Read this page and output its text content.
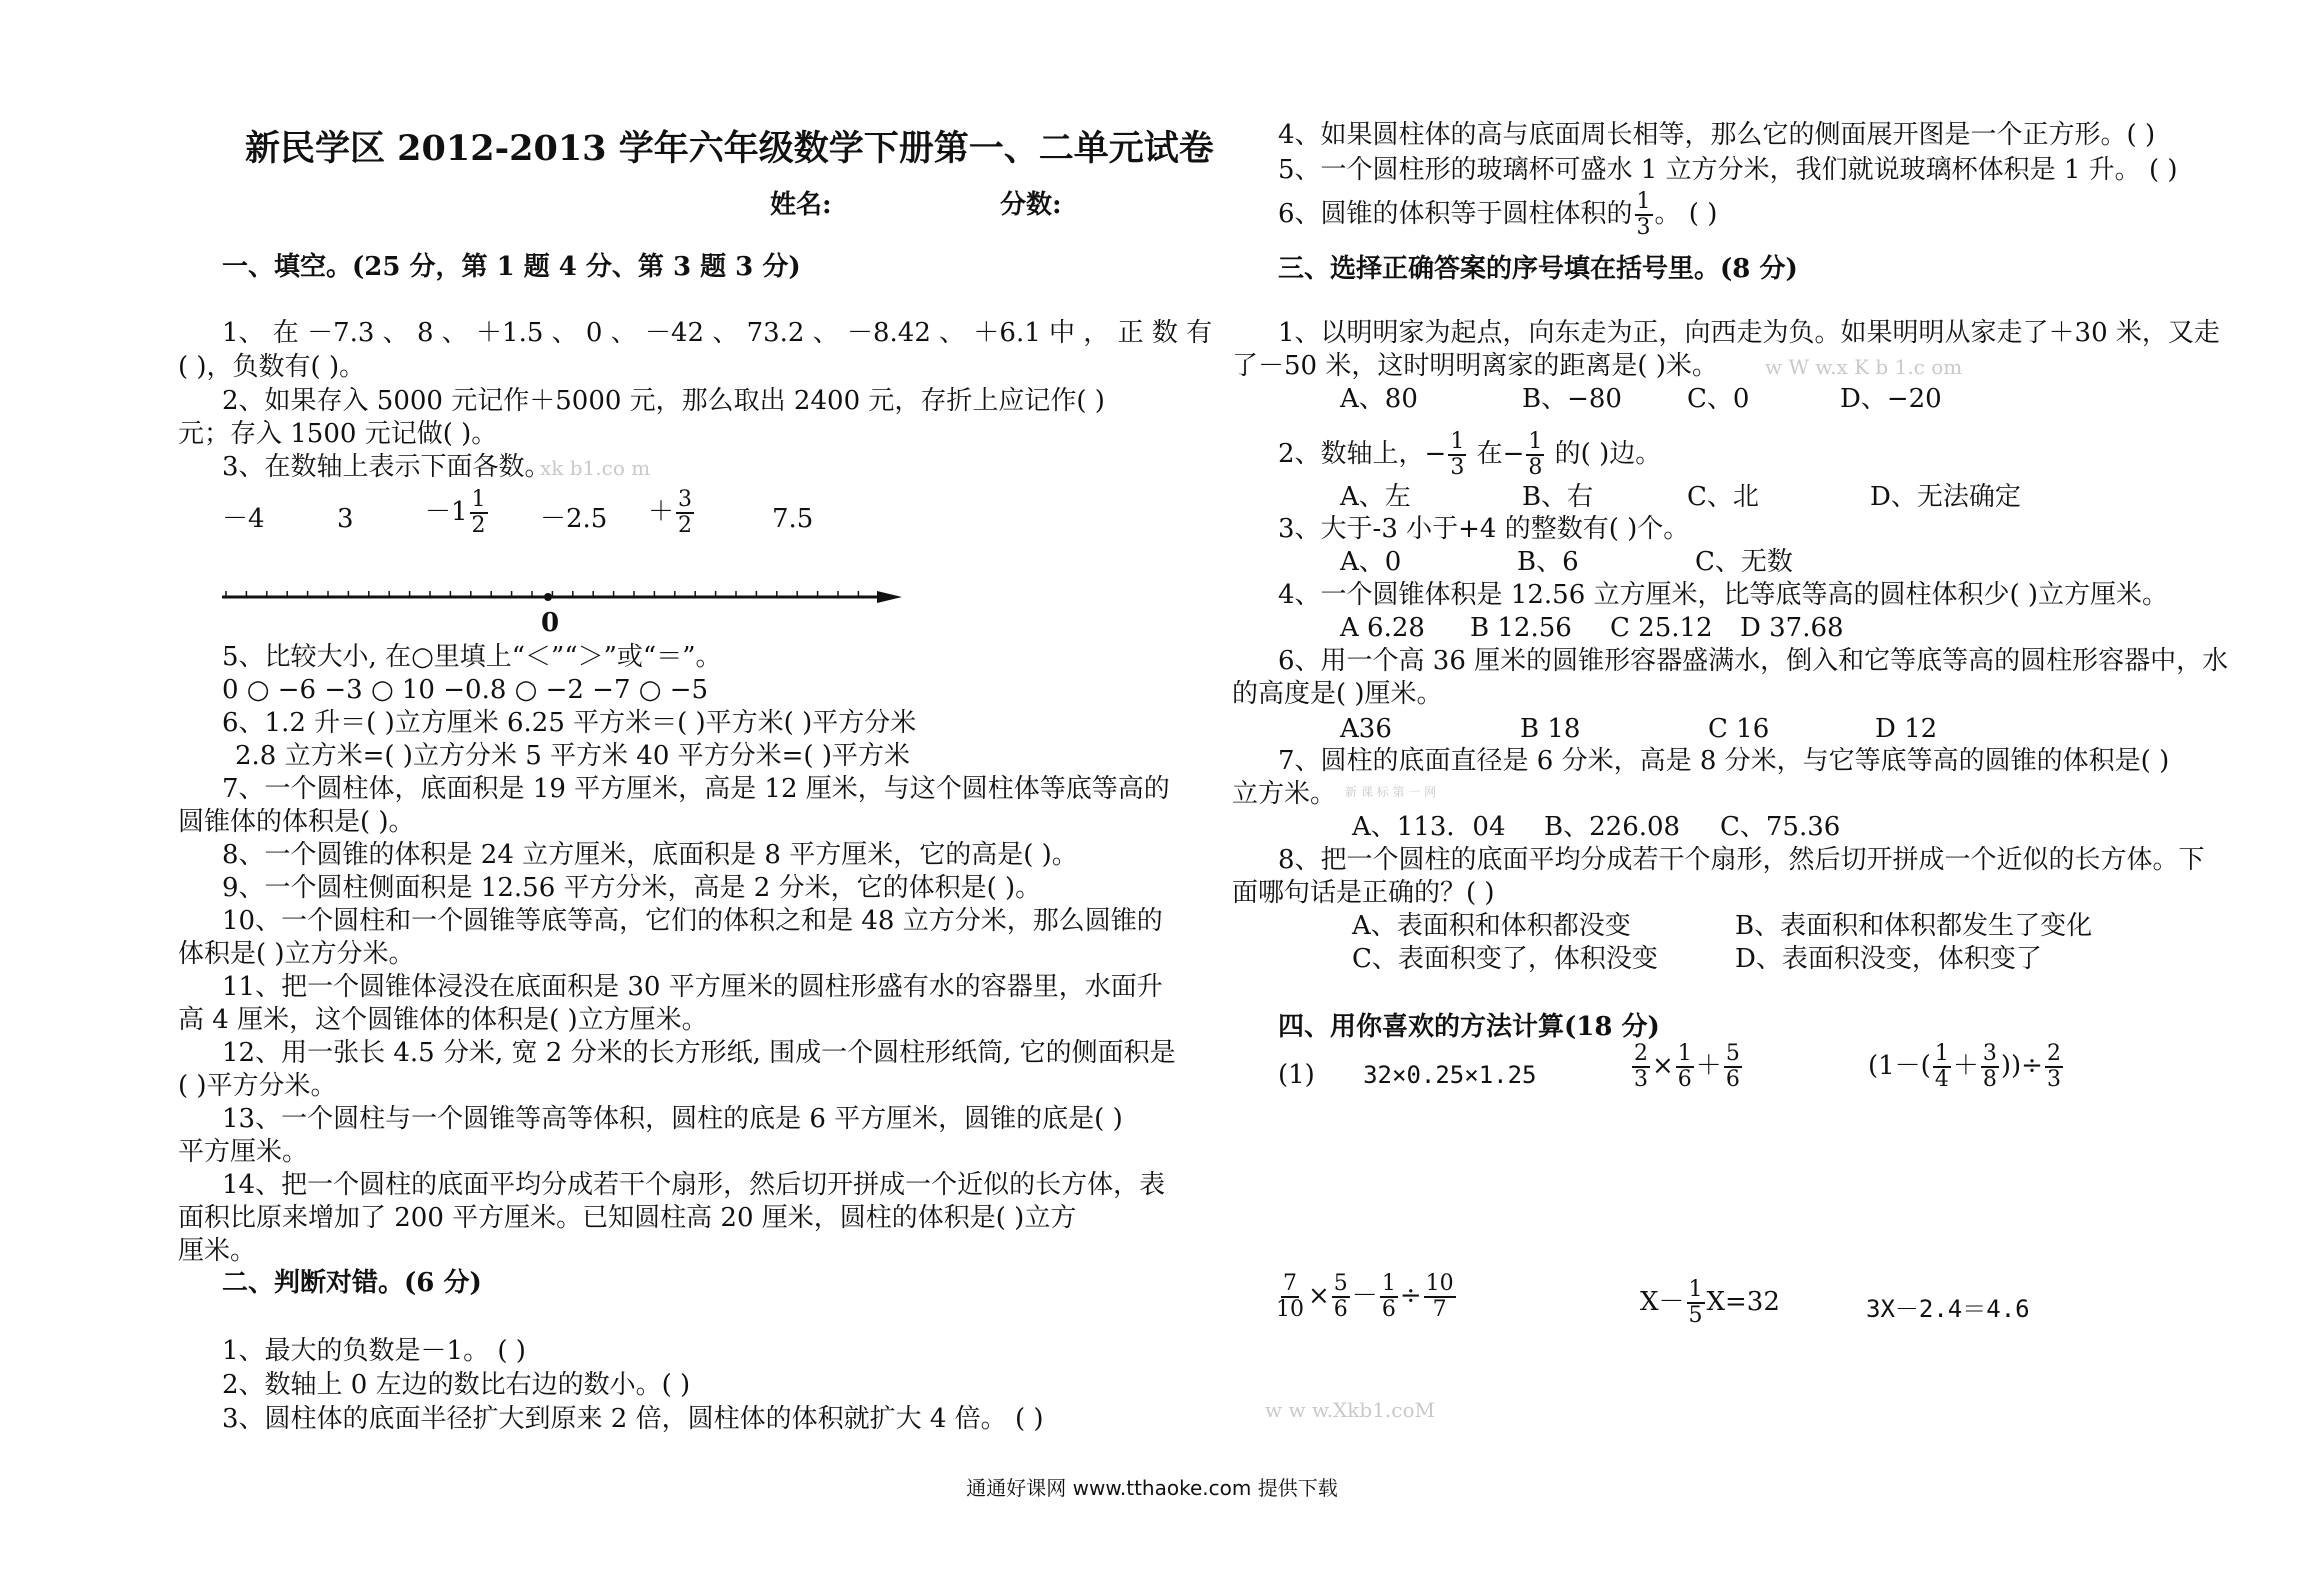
新民学区 2012-2013 学年六年级数学下册第一、二单元试卷
姓名:	分数:
一、填空。(25 分，第 1 题 4 分、第 3 题 3 分)
1、 在 －7.3 、 8 、 ＋1.5 、 0 、 －42 、 73.2 、 －8.42 、 ＋6.1 中 ， 正 数 有
( )，负数有( )。
2、如果存入 5000 元记作＋5000 元，那么取出 2400 元，存折上应记作( )
元；存入 1500 元记做( )。
3、在数轴上表示下面各数。
xk b1.co m
－4	3	$-1 \frac{1}{2} -2.5 + \frac{3}{2}$	7.5
0
5、比较大小, 在○里填上“＜”“＞”或“＝”。
0 ○ −6 −3 ○ 10 −0.8 ○ −2 −7 ○ −5
6、1.2 升＝( )立方厘米 6.25 平方米＝( )平方米( )平方分米
2.8 立方米=( )立方分米 5 平方米 40 平方分米=( )平方米
7、一个圆柱体，底面积是 19 平方厘米，高是 12 厘米，与这个圆柱体等底等高的
圆锥体的体积是( )。
8、一个圆锥的体积是 24 立方厘米，底面积是 8 平方厘米，它的高是( )。
9、一个圆柱侧面积是 12.56 平方分米，高是 2 分米，它的体积是( )。
10、一个圆柱和一个圆锥等底等高，它们的体积之和是 48 立方分米，那么圆锥的
体积是( )立方分米。
11、把一个圆锥体浸没在底面积是 30 平方厘米的圆柱形盛有水的容器里，水面升
高 4 厘米，这个圆锥体的体积是( )立方厘米。
12、用一张长 4.5 分米, 宽 2 分米的长方形纸, 围成一个圆柱形纸筒, 它的侧面积是
( )平方分米。
13、一个圆柱与一个圆锥等高等体积，圆柱的底是 6 平方厘米，圆锥的底是( )
平方厘米。
14、把一个圆柱的底面平均分成若干个扇形，然后切开拼成一个近似的长方体，表
面积比原来增加了 200 平方厘米。已知圆柱高 20 厘米，圆柱的体积是( )立方
厘米。
二、判断对错。(6 分)
1、最大的负数是－1。 ( )
2、数轴上 0 左边的数比右边的数小。( )
3、圆柱体的底面半径扩大到原来 2 倍，圆柱体的体积就扩大 4 倍。 ( )
4、如果圆柱体的高与底面周长相等，那么它的侧面展开图是一个正方形。( )
5、一个圆柱形的玻璃杯可盛水 1 立方分米，我们就说玻璃杯体积是 1 升。 ( )
6、圆锥的体积等于圆柱体积的 $\frac{1}{3}$ 。 ( )
三、选择正确答案的序号填在括号里。(8 分)
1、以明明家为起点，向东走为正，向西走为负。如果明明从家走了＋30 米，又走
了－50 米，这时明明离家的距离是( )米。 w W w.x K b 1.c om
A、80	B、−80	C、0	D、−20
2、数轴上，− $\frac{1}{3}$ 在− $\frac{1}{8}$ 的( )边。
A、左	B、右	C、北	D、无法确定
3、大于-3 小于+4 的整数有( )个。
A、0	B、6	C、无数
4、一个圆锥体积是 12.56 立方厘米，比等底等高的圆柱体积少( )立方厘米。
A 6.28 B 12.56 C 25.12 D 37.68
6、用一个高 36 厘米的圆锥形容器盛满水，倒入和它等底等高的圆柱形容器中，水
的高度是( )厘米。
A36	B 18	C 16	D 12
7、圆柱的底面直径是 6 分米，高是 8 分米，与它等底等高的圆锥的体积是( )
立方米。 新 课 标 第 一 网
A、113．04 B、226.08 C、75.36
8、把一个圆柱的底面平均分成若干个扇形，然后切开拼成一个近似的长方体。下
面哪句话是正确的？( )
A、表面积和体积都没变	B、表面积和体积都发生了变化
C、表面积变了，体积没变	D、表面积没变，体积变了
四、用你喜欢的方法计算(18 分)
(1) 32×0.25×1.25	$\frac{2}{3} \times \frac{1}{6} + \frac{5}{6}$	($1-( \frac{1}{4} + \frac{3}{8}$ ))÷ $\frac{2}{3}$
$\frac{7}{10} \times \frac{5}{6} - \frac{1}{6} \div \frac{10}{7}$	$X- \frac{1}{5} X=32$	3X－2.4＝4.6
w w w.Xkb1.coM
通通好课网 www.tthaoke.com 提供下载
